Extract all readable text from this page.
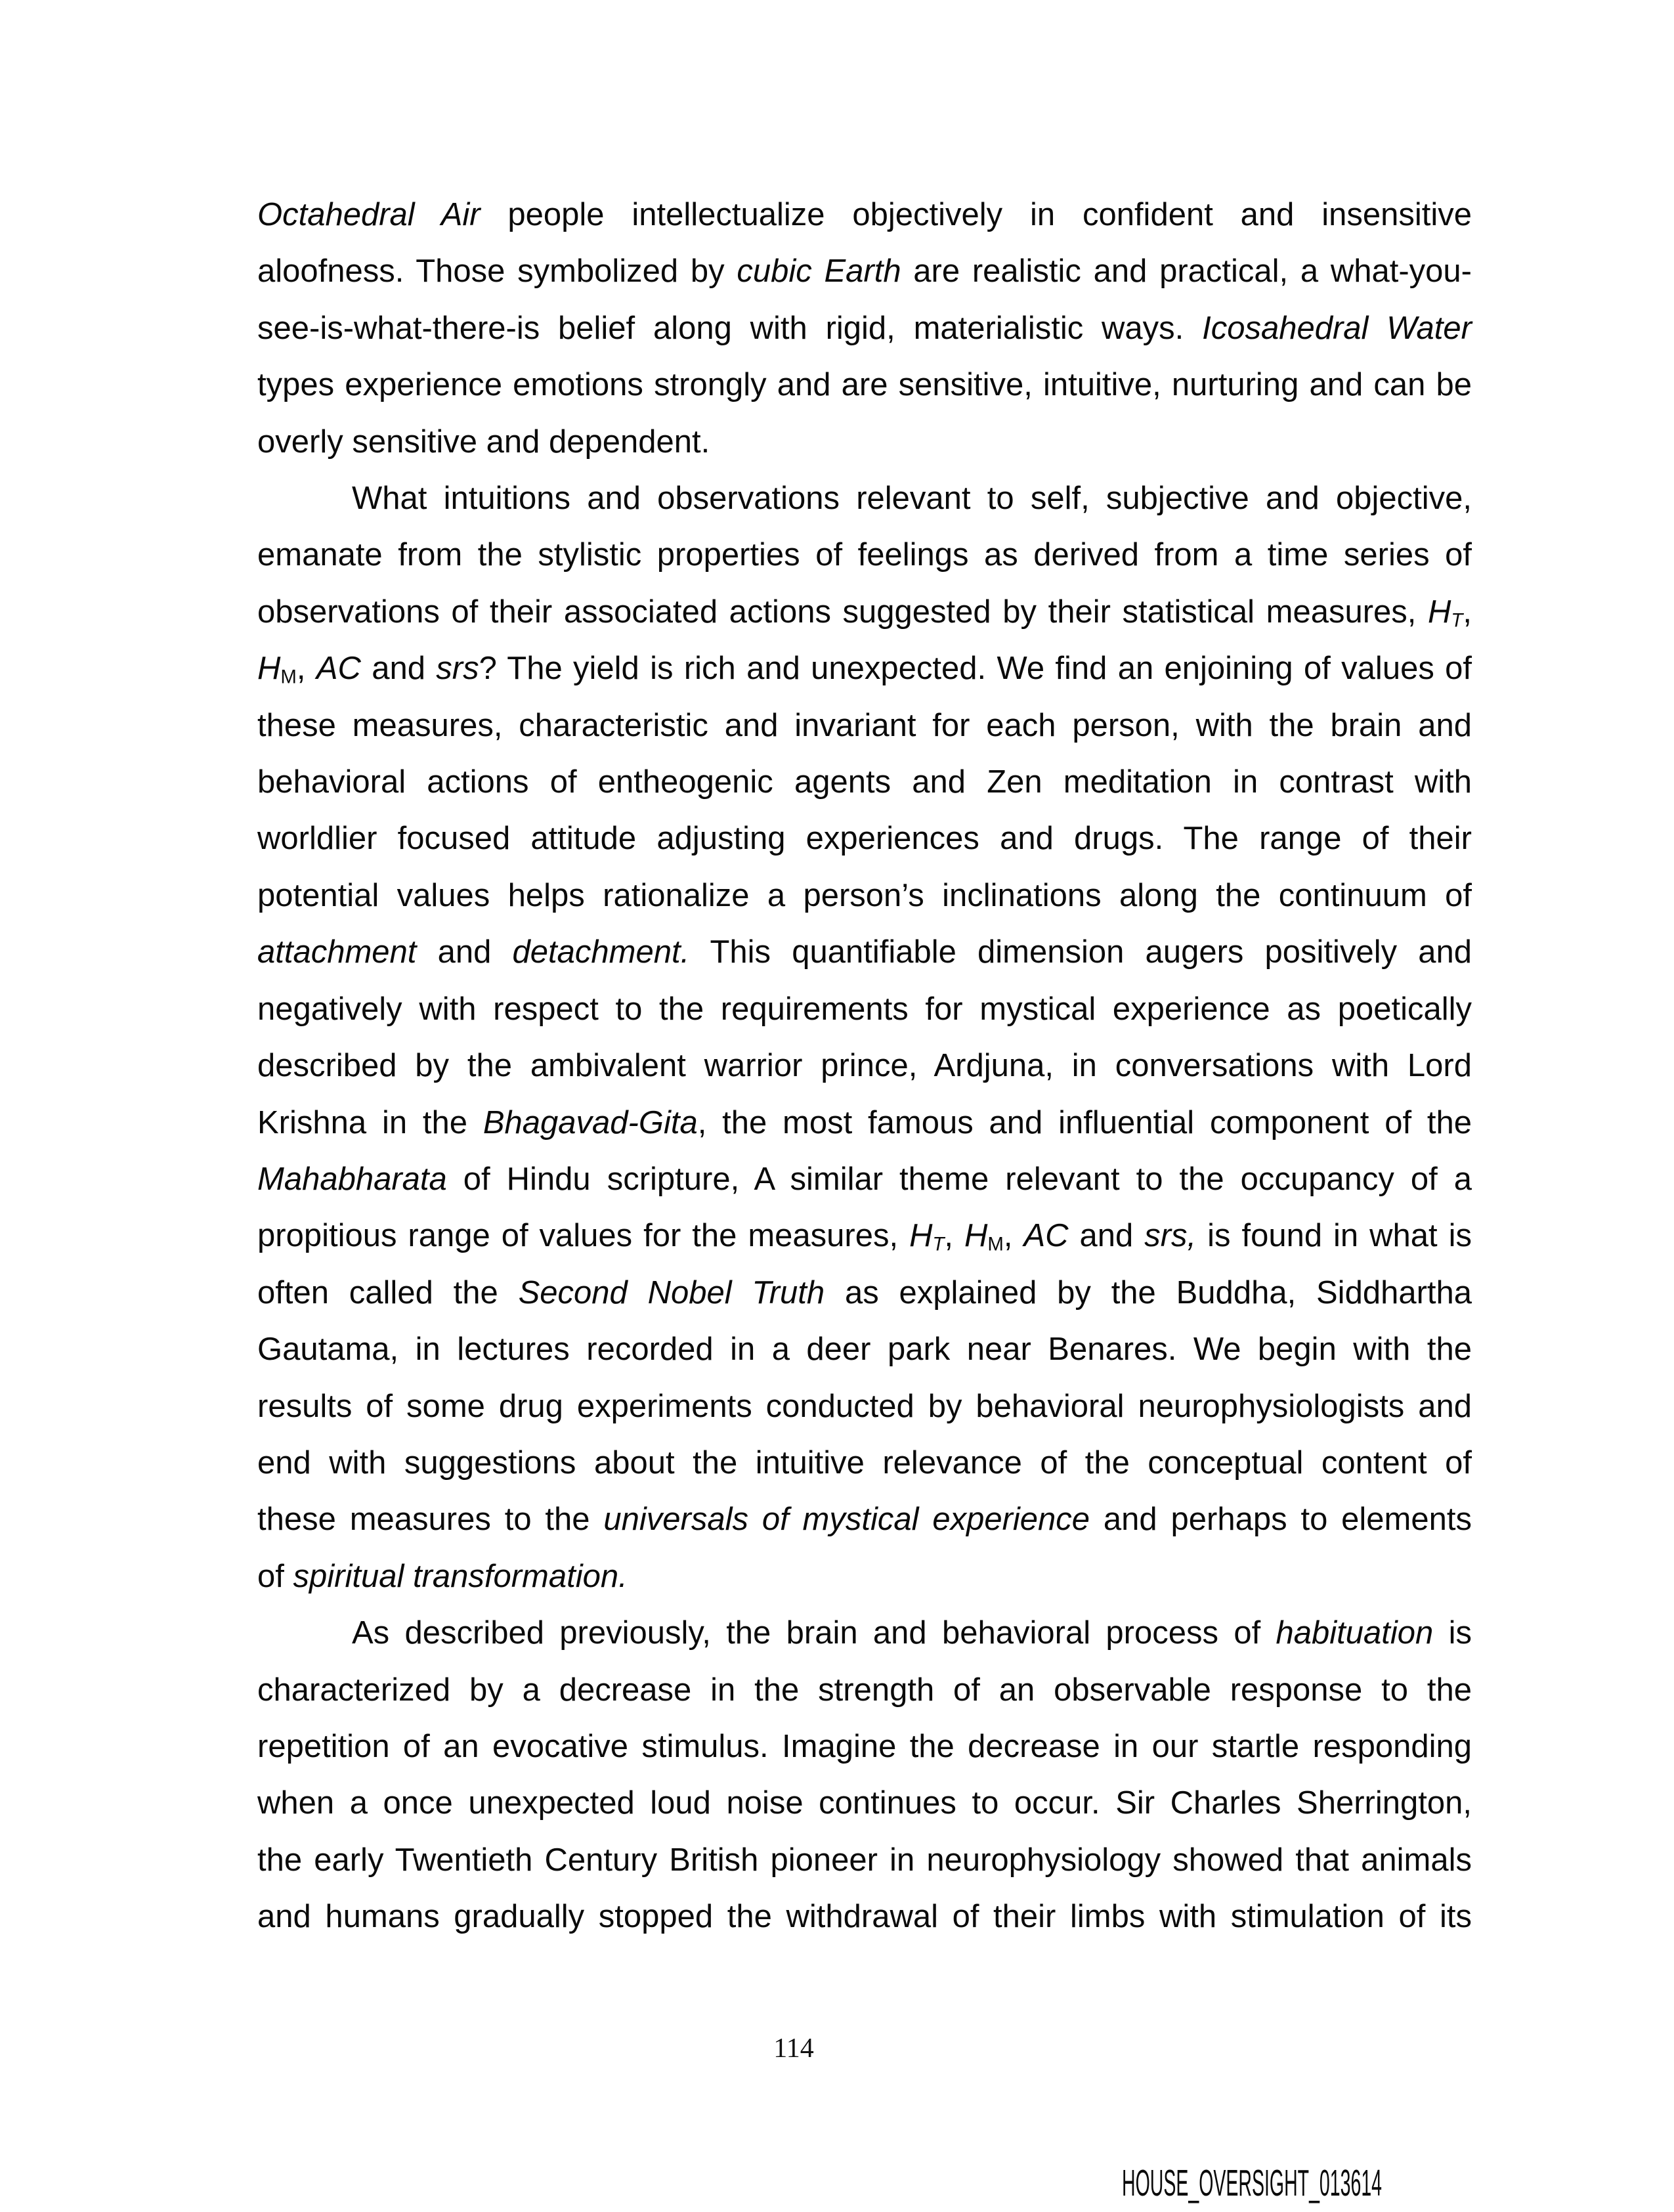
Octahedral Air people intellectualize objectively in confident and insensitive
aloofness. Those symbolized by cubic Earth are realistic and practical, a what-you-
see-is-what-there-is belief along with rigid, materialistic ways. Icosahedral Water
types experience emotions strongly and are sensitive, intuitive, nurturing and can be
overly sensitive and dependent.
What intuitions and observations relevant to self, subjective and objective,
emanate from the stylistic properties of feelings as derived from a time series of
observations of their associated actions suggested by their statistical measures, $H_T$,
$H_M$, AC and srs? The yield is rich and unexpected. We find an enjoining of values of
these measures, characteristic and invariant for each person, with the brain and
behavioral actions of entheogenic agents and Zen meditation in contrast with
worldlier focused attitude adjusting experiences and drugs. The range of their
potential values helps rationalize a person’s inclinations along the continuum of
attachment and detachment. This quantifiable dimension augers positively and
negatively with respect to the requirements for mystical experience as poetically
described by the ambivalent warrior prince, Ardjuna, in conversations with Lord
Krishna in the Bhagavad-Gita, the most famous and influential component of the
Mahabharata of Hindu scripture, A similar theme relevant to the occupancy of a
propitious range of values for the measures, $H_T$, $H_M$, AC and srs, is found in what is
often called the Second Nobel Truth as explained by the Buddha, Siddhartha
Gautama, in lectures recorded in a deer park near Benares. We begin with the
results of some drug experiments conducted by behavioral neurophysiologists and
end with suggestions about the intuitive relevance of the conceptual content of
these measures to the universals of mystical experience and perhaps to elements
of spiritual transformation.
As described previously, the brain and behavioral process of habituation is
characterized by a decrease in the strength of an observable response to the
repetition of an evocative stimulus. Imagine the decrease in our startle responding
when a once unexpected loud noise continues to occur. Sir Charles Sherrington,
the early Twentieth Century British pioneer in neurophysiology showed that animals
and humans gradually stopped the withdrawal of their limbs with stimulation of its
114
HOUSE_OVERSIGHT_013614
